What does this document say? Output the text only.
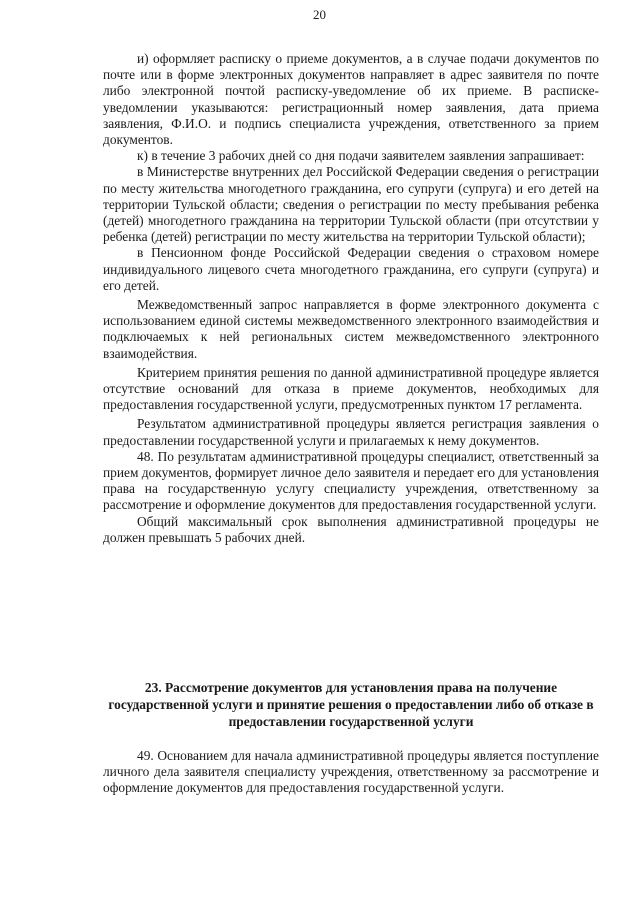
20

и) оформляет расписку о приеме документов, а в случае подачи документов по почте или в форме электронных документов направляет в адрес заявителя по почте либо электронной почтой расписку-уведомление об их приеме. В расписке-уведомлении указываются: регистрационный номер заявления, дата приема заявления, Ф.И.О. и подпись специалиста учреждения, ответственного за прием документов.

к) в течение 3 рабочих дней со дня подачи заявителем заявления запрашивает:

в Министерстве внутренних дел Российской Федерации сведения о регистрации по месту жительства многодетного гражданина, его супруги (супруга) и его детей на территории Тульской области; сведения о регистрации по месту пребывания ребенка (детей) многодетного гражданина на территории Тульской области (при отсутствии у ребенка (детей) регистрации по месту жительства на территории Тульской области);

в Пенсионном фонде Российской Федерации сведения о страховом номере индивидуального лицевого счета многодетного гражданина, его супруги (супруга) и его детей.

Межведомственный запрос направляется в форме электронного документа с использованием единой системы межведомственного электронного взаимодействия и подключаемых к ней региональных систем межведомственного электронного взаимодействия.

Критерием принятия решения по данной административной процедуре является отсутствие оснований для отказа в приеме документов, необходимых для предоставления государственной услуги, предусмотренных пунктом 17 регламента.

Результатом административной процедуры является регистрация заявления о предоставлении государственной услуги и прилагаемых к нему документов.

48. По результатам административной процедуры специалист, ответственный за прием документов, формирует личное дело заявителя и передает его для установления права на государственную услугу специалисту учреждения, ответственному за рассмотрение и оформление документов для предоставления государственной услуги.

Общий максимальный срок выполнения административной процедуры не должен превышать 5 рабочих дней.

23. Рассмотрение документов для установления права на получение государственной услуги и принятие решения о предоставлении либо об отказе в предоставлении государственной услуги

49. Основанием для начала административной процедуры является поступление личного дела заявителя специалисту учреждения, ответственному за рассмотрение и оформление документов для предоставления государственной услуги.
